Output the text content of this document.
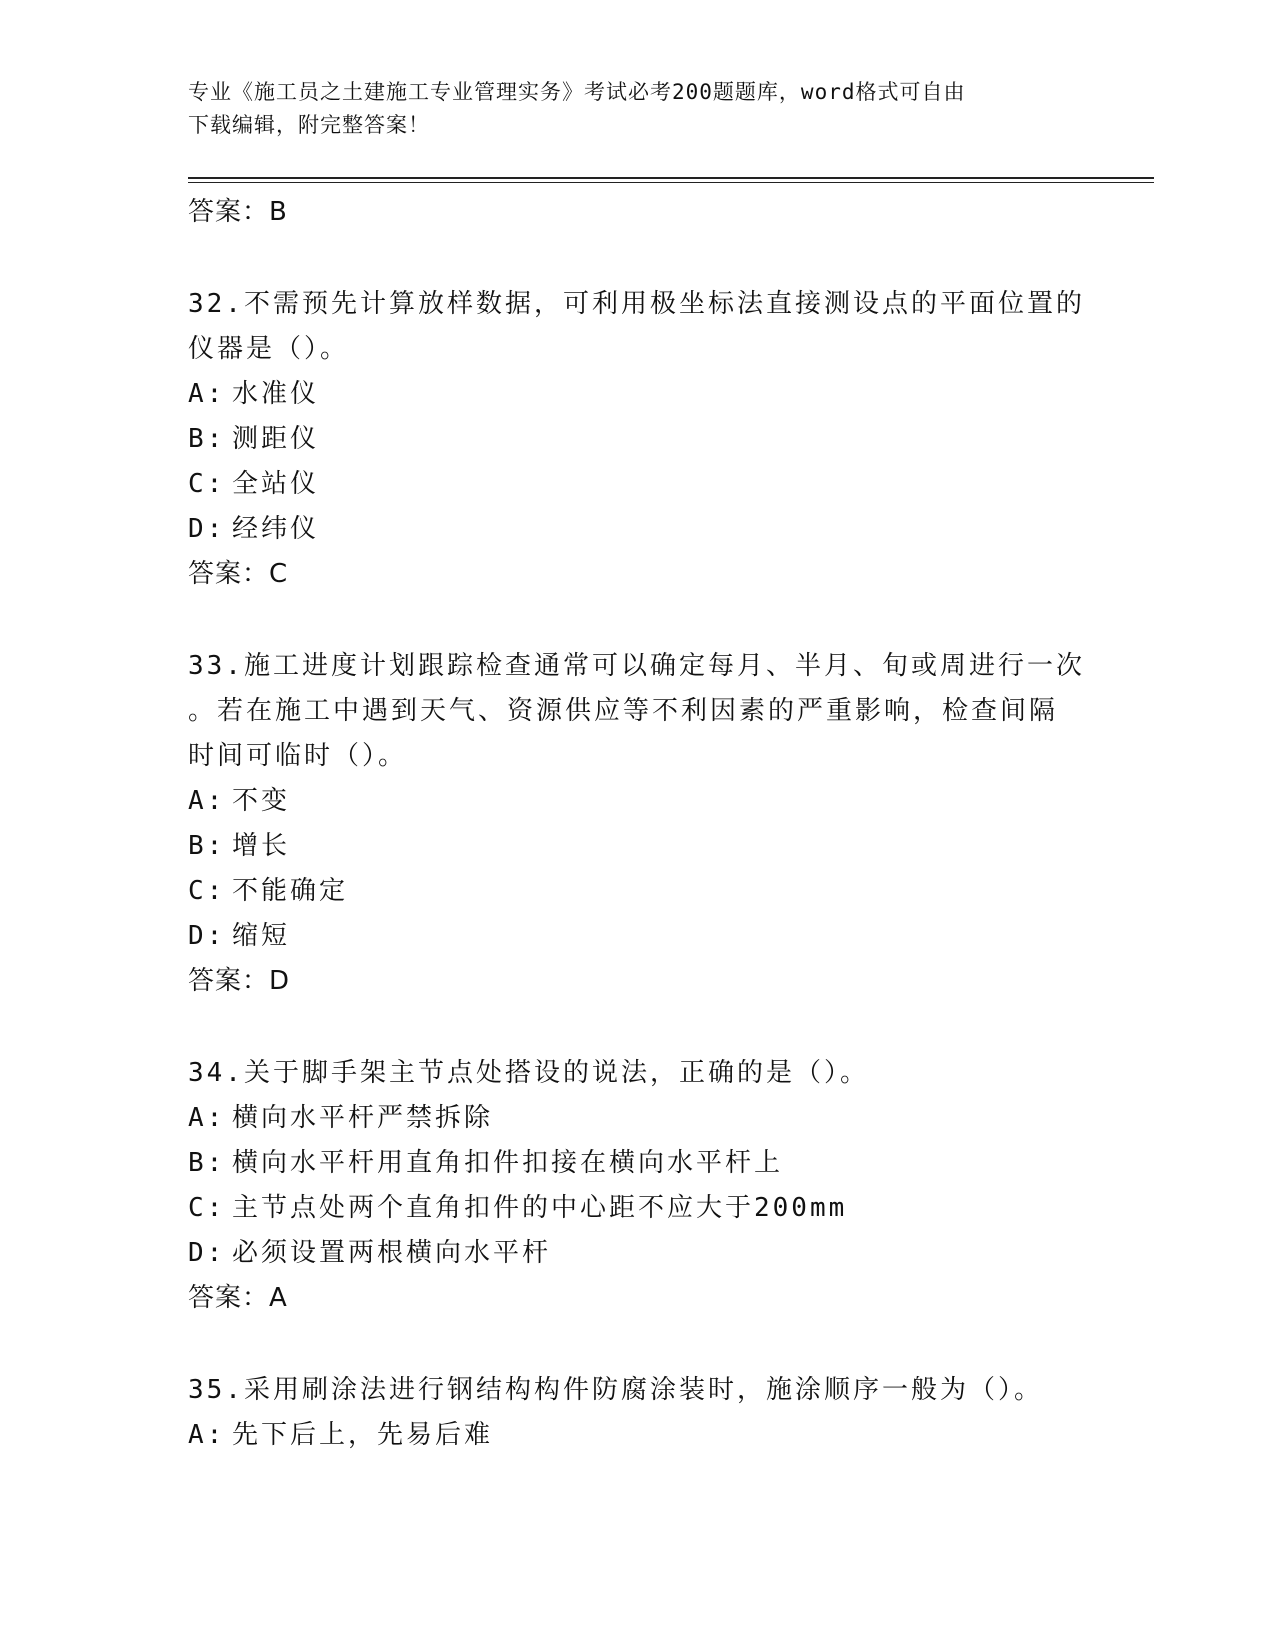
专业《施工员之土建施工专业管理实务》考试必考200题题库，word格式可自由
下载编辑，附完整答案！
答案：B
32.不需预先计算放样数据，可利用极坐标法直接测设点的平面位置的
仪器是（）。
A: 水准仪
B: 测距仪
C: 全站仪
D: 经纬仪
答案：C
33.施工进度计划跟踪检查通常可以确定每月、半月、旬或周进行一次
。若在施工中遇到天气、资源供应等不利因素的严重影响，检查间隔
时间可临时（）。
A: 不变
B: 增长
C: 不能确定
D: 缩短
答案：D
34.关于脚手架主节点处搭设的说法，正确的是（）。
A: 横向水平杆严禁拆除
B: 横向水平杆用直角扣件扣接在横向水平杆上
C: 主节点处两个直角扣件的中心距不应大于200mm
D: 必须设置两根横向水平杆
答案：A
35.采用刷涂法进行钢结构构件防腐涂装时，施涂顺序一般为（）。
A: 先下后上，先易后难
